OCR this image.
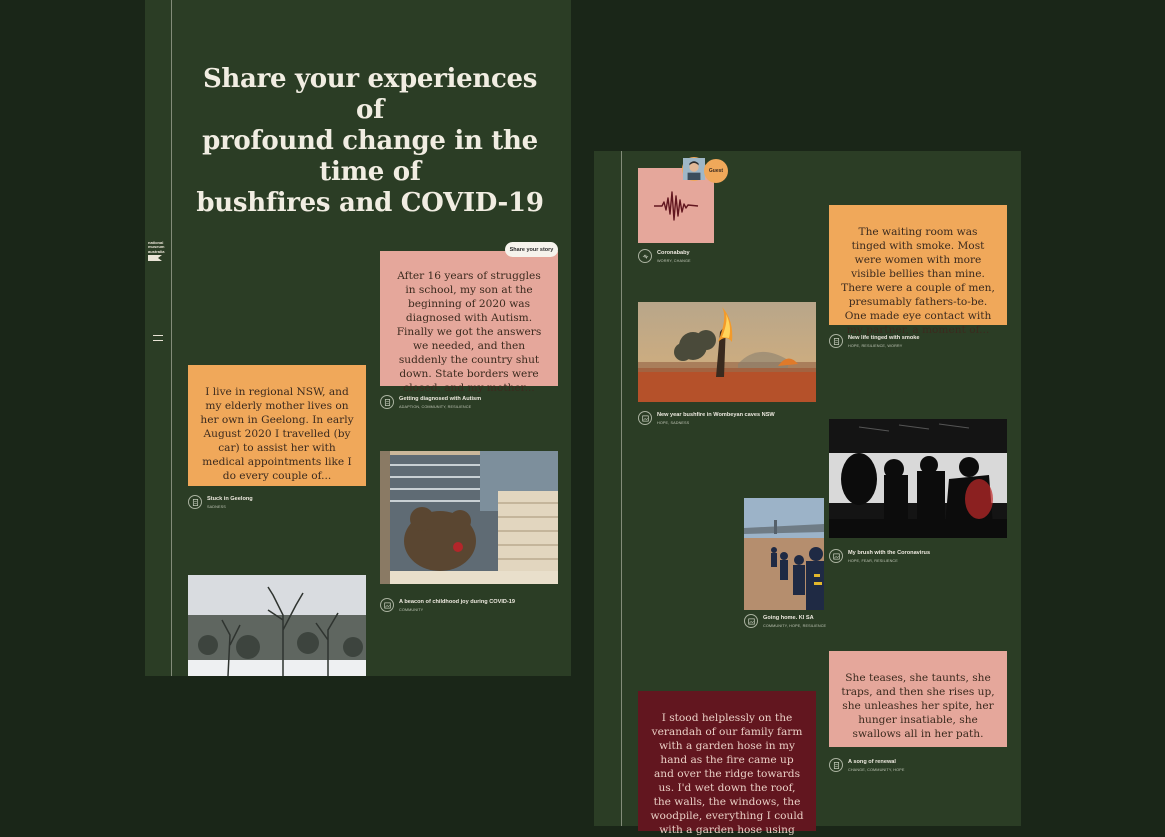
national
museum
australia
Share your experiences of
profound change in the time of
bushfires and COVID-19
After 16 years of struggles in school, my son at the beginning of 2020 was diagnosed with Autism. Finally we got the answers we needed, and then suddenly the country shut down. State borders were closed, and my mother...
Share your story
Getting diagnosed with Autism
ADAPTION, COMMUNITY, RESILIENCE
I live in regional NSW, and my elderly mother lives on her own in Geelong. In early August 2020 I travelled (by car) to assist her with medical appointments like I do every couple of...
Stuck in Geelong
SADNESS
A beacon of childhood joy during COVID-19
COMMUNITY
Guest
Coronababy
WORRY, CHANGE
The waiting room was tinged with smoke. Most were women with more visible bellies than mine. There were a couple of men, presumably fathers-to-be. One made eye contact with my partner, a moment of...
New life tinged with smoke
HOPE, RESILIENCE, WORRY
New year bushfire in Wombeyan caves NSW
HOPE, SADNESS
My brush with the Coronavirus
HOPE, FEAR, RESILIENCE
Going home. KI SA
COMMUNITY, HOPE, RESILIENCE
She teases, she taunts, she traps, and then she rises up, she unleashes her spite, her hunger insatiable, she swallows all in her path.
A song of renewal
CHANGE, COMMUNITY, HOPE
I stood helplessly on the verandah of our family farm with a garden hose in my hand as the fire came up and over the ridge towards us. I'd wet down the roof, the walls, the windows, the woodpile, everything I could with a garden hose using
